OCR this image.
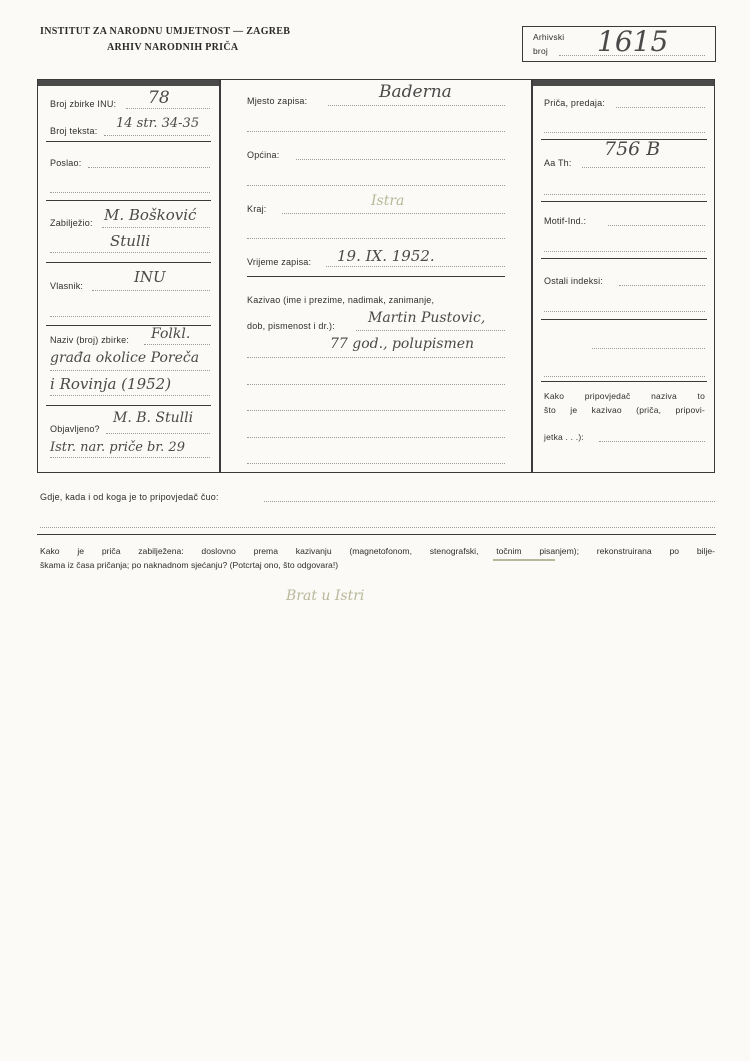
INSTITUT ZA NARODNU UMJETNOST — ZAGREB
ARHIV NARODNIH PRIČA
Arhivski
broj 1615
Broj zbirke INU: 78
Broj teksta: 14 str. 34-35
Poslao:
Zabilježio: M. Bošković
Stulli
Vlasnik:	INU
Naziv (broj) zbirke: Folkl.
građa okolice Poreča
i Rovinja (1952)
Objavljeno?
M. B. Stulli
Istr. nar. priče br. 29
Mjesto zapisa:	Baderna
Općina:
Kraj:	Istra
Vrijeme zapisa: 19. IX. 1952.
Kazivao (ime i prezime, nadimak, zanimanje,
dob, pismenost i dr.): Martin Pustovic,
77 god., polupismen
Priča, predaja:
Aa Th:
756 B
Motif-Ind.:
Ostali indeksi:
Kako pripovjedač naziva to
što je kazivao (priča, pripovi-
jetka . . .):
Gdje, kada i od koga je to pripovjedač čuo:
Kako je priča zabilježena: doslovno prema kazivanju (magnetofonom, stenografski, točnim pisanjem); rekonstruirana po bilje-
škama iz časa pričanja; po naknadnom sjećanju? (Potcrtaj ono, što odgovara!)
Brat u Istri
